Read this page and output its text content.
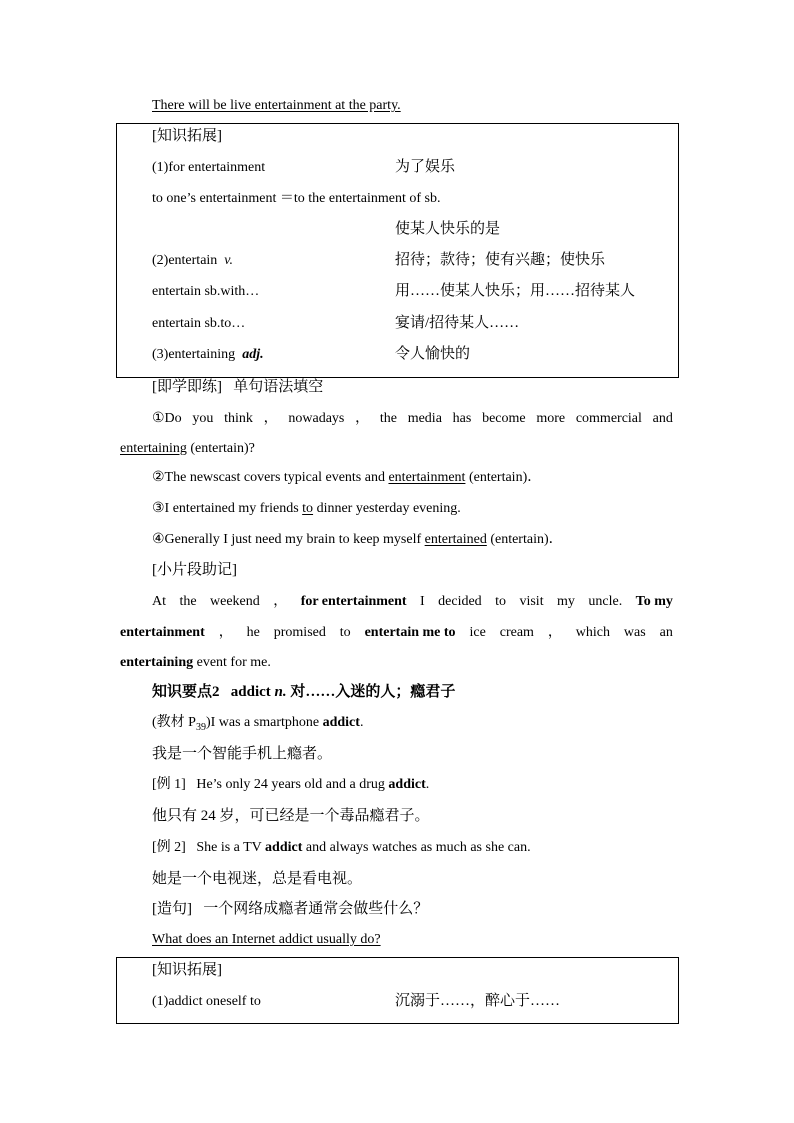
There will be live entertainment at the party.
[知识拓展]
(1)for entertainment	为了娱乐
to one’s entertainment ＝to the entertainment of sb.
使某人快乐的是
(2)entertain v.	招待；款待；使有兴趣；使快乐
entertain sb.with…	用……使某人快乐；用……招待某人
entertain sb.to…	宴请/招待某人……
(3)entertaining adj.	令人愉快的
[即学即练] 单句语法填空
①Do you think ， nowadays ， the media has become more commercial and
entertaining (entertain)?
②The newscast covers typical events and entertainment (entertain)．
③I entertained my friends to dinner yesterday evening.
④Generally I just need my brain to keep myself entertained (entertain)．
[小片段助记]
At the weekend ， for entertainment I decided to visit my uncle. To my
entertainment ， he promised to entertain me to ice cream ， which was an
entertaining event for me.
知识要点2 addict n. 对……入迷的人；瘾君子
(教材 $P_{39})I$ was a smartphone addict.
我是一个智能手机上瘾者。
[例 1] He’s only 24 years old and a drug addict.
他只有 24 岁，可已经是一个毒品瘾君子。
[例 2] She is a TV addict and always watches as much as she can.
她是一个电视迷，总是看电视。
[造句] 一个网络成瘾者通常会做些什么？
What does an Internet addict usually do?
[知识拓展]
(1)addict oneself to	沉溺于……，醉心于……
